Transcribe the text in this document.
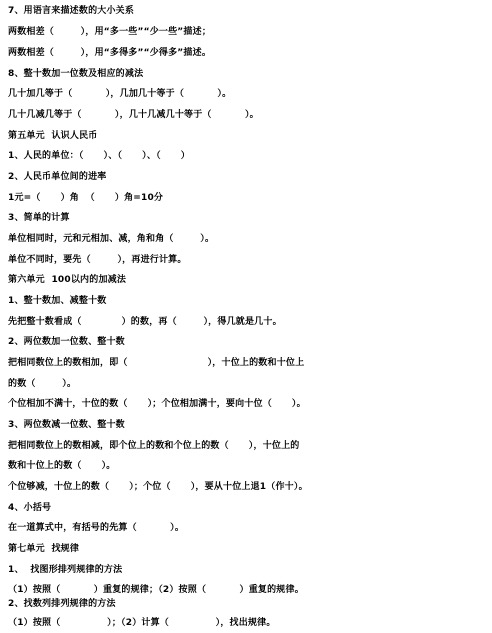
7、用语言来描述数的大小关系
两数相差（        ），用“多一些”“少一些”描述；
两数相差（        ），用“多得多”“少得多”描述。
8、整十数加一位数及相应的减法
几十加几等于（          ），几加几十等于（          ）。
几十几减几等于（          ），几十几减几十等于（          ）。
第五单元  认识人民币
1、人民的单位：（      ）、（      ）、（      ）
2、人民币单位间的进率
1元=（      ）角  （      ）角=10分
3、简单的计算
单位相同时，元和元相加、减，角和角（        ）。
单位不同时，要先（        ），再进行计算。
第六单元  100以内的加减法
1、整十数加、减整十数
先把整十数看成（            ）的数，再（        ），得几就是几十。
2、两位数加一位数、整十数
把相同数位上的数相加，即（                        ），十位上的数和十位上
的数（        ）。
个位相加不满十，十位的数（      ）；个位相加满十，要向十位（      ）。
3、两位数减一位数、整十数
把相同数位上的数相减，即个位上的数和个位上的数（      ），十位上的
数和十位上的数（      ）。
个位够减，十位上的数（      ）；个位（      ），要从十位上退1（作十）。
4、小括号
在一道算式中，有括号的先算（          ）。
第七单元  找规律
1、  找图形排列规律的方法
（1）按照（          ）重复的规律；（2）按照（          ）重复的规律。
2、找数列排列规律的方法
（1）按照（              ）；（2）计算（              ），找出规律。
